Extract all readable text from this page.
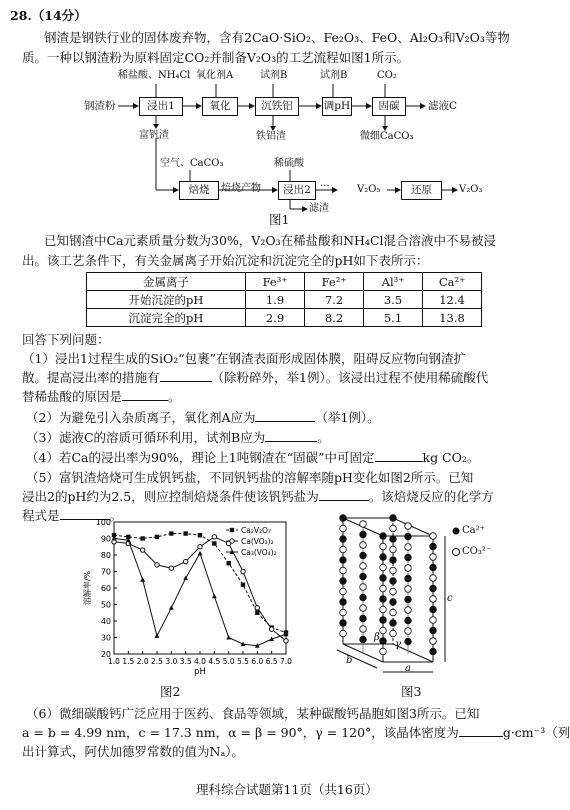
28.（14分）
钢渣是钢铁行业的固体废弃物，含有2CaO·SiO₂、Fe₂O₃、FeO、Al₂O₃和V₂O₃等物
质。一种以钢渣粉为原料固定CO₂并制备V₂O₃的工艺流程如图1所示。
稀盐酸、NH₄Cl 氧化剂A	试剂B	试剂B	CO₂
钢渣粉	浸出1	氧化	沉铁铝	调pH	固碳	滤液C
富钒渣	铁铝渣	微细CaCO₃
空气、CaCO₃	稀硫酸
焙烧	焙烧产物	浸出2 ···	V₂O₅	还原	V₂O₃
滤渣
图1
已知钢渣中Ca元素质量分数为30%，V₂O₃在稀盐酸和NH₄Cl混合溶液中不易被浸
出。该工艺条件下，有关金属离子开始沉淀和沉淀完全的pH如下表所示：
金属离子	Fe³⁺	Fe²⁺	Al³⁺	Ca²⁺
开始沉淀的pH	1.9	7.2	3.5	12.4
沉淀完全的pH	2.9	8.2	5.1	13.8
回答下列问题：
（1）浸出1过程生成的SiO₂“包裹”在钢渣表面形成固体膜，阻碍反应物向钢渣扩
散。提高浸出率的措施有	（除粉碎外，举1例）。该浸出过程不使用稀硫酸代
替稀盐酸的原因是	。
（2）为避免引入杂质离子，氧化剂A应为	（举1例）。
（3）滤液C的溶质可循环利用，试剂B应为	。
（4）若Ca的浸出率为90%，理论上1吨钢渣在“固碳”中可固定	kg CO₂。
（5）富钒渣焙烧可生成钒钙盐，不同钒钙盐的溶解率随pH变化如图2所示。已知
浸出2的pH约为2.5，则应控制焙烧条件使该钒钙盐为	。该焙烧反应的化学方
程式是	。
20
30
40
50
60
70
80
90
100
1.0 1.5 2.0 2.5 3.0 3.5 4.0 4.5 5.0 5.5 6.0 6.5 7.0
pH
溶解率/%
Ca₂V₂O₇
Ca(VO₃)₂
Ca₃(VO₄)₂
图2
Ca²⁺
CO₃²⁻
c
a
b
β
γ
图3
（6）微细碳酸钙广泛应用于医药、食品等领域，某种碳酸钙晶胞如图3所示。已知
a = b = 4.99 nm，c = 17.3 nm，α = β = 90°，γ = 120°，该晶体密度为	g·cm⁻³（列
出计算式，阿伏加德罗常数的值为Nₐ）。
理科综合试题第11页（共16页）
